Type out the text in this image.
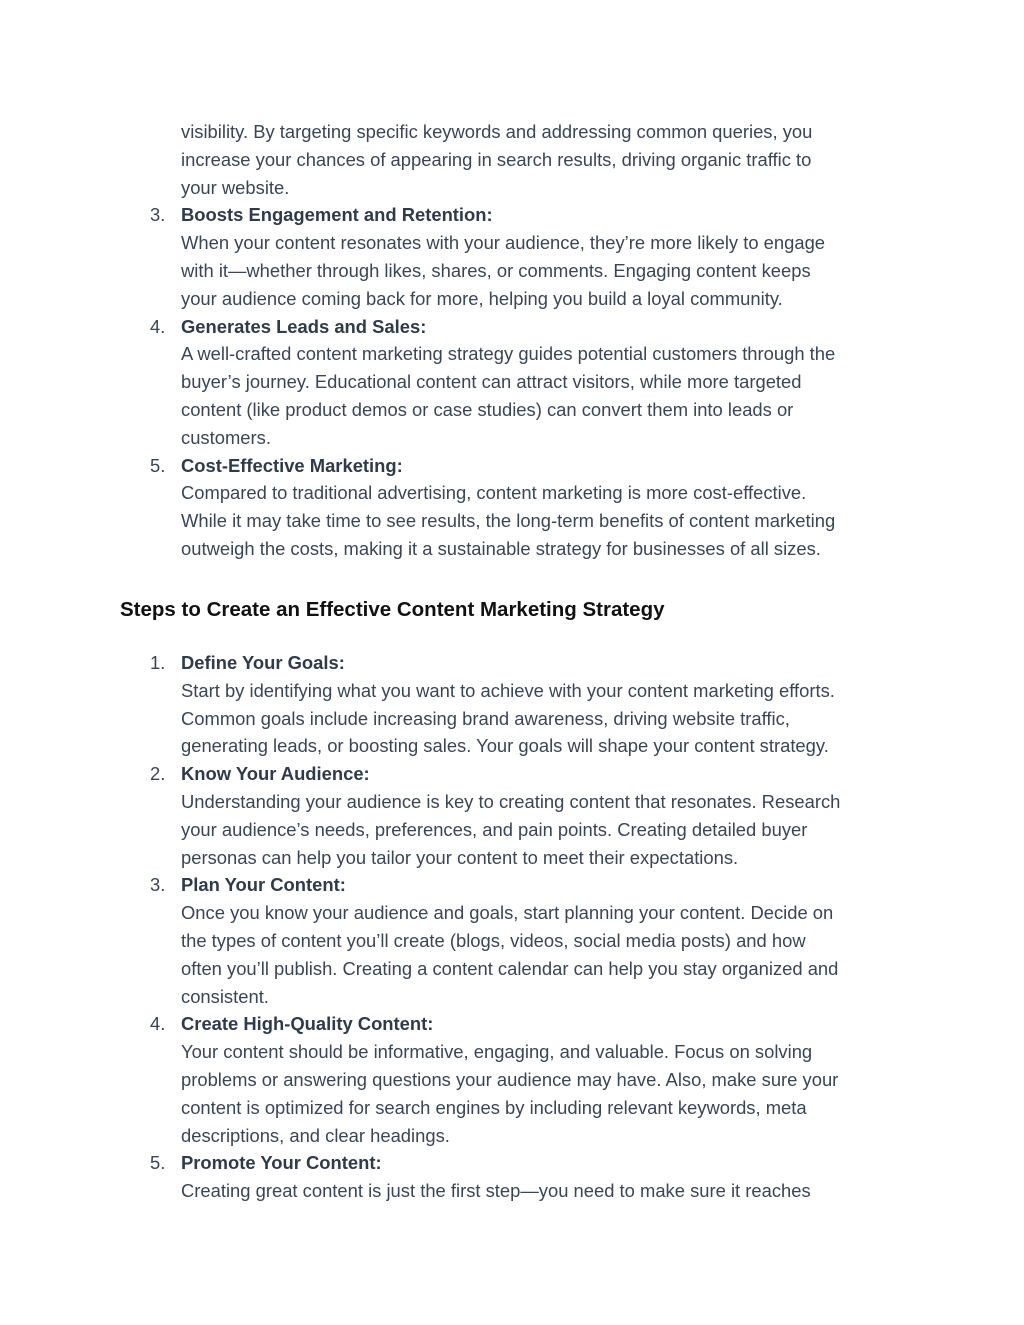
visibility. By targeting specific keywords and addressing common queries, you
increase your chances of appearing in search results, driving organic traffic to
your website.
3. Boosts Engagement and Retention:
When your content resonates with your audience, they’re more likely to engage
with it—whether through likes, shares, or comments. Engaging content keeps
your audience coming back for more, helping you build a loyal community.
4. Generates Leads and Sales:
A well-crafted content marketing strategy guides potential customers through the
buyer’s journey. Educational content can attract visitors, while more targeted
content (like product demos or case studies) can convert them into leads or
customers.
5. Cost-Effective Marketing:
Compared to traditional advertising, content marketing is more cost-effective.
While it may take time to see results, the long-term benefits of content marketing
outweigh the costs, making it a sustainable strategy for businesses of all sizes.
Steps to Create an Effective Content Marketing Strategy
1. Define Your Goals:
Start by identifying what you want to achieve with your content marketing efforts.
Common goals include increasing brand awareness, driving website traffic,
generating leads, or boosting sales. Your goals will shape your content strategy.
2. Know Your Audience:
Understanding your audience is key to creating content that resonates. Research
your audience’s needs, preferences, and pain points. Creating detailed buyer
personas can help you tailor your content to meet their expectations.
3. Plan Your Content:
Once you know your audience and goals, start planning your content. Decide on
the types of content you’ll create (blogs, videos, social media posts) and how
often you’ll publish. Creating a content calendar can help you stay organized and
consistent.
4. Create High-Quality Content:
Your content should be informative, engaging, and valuable. Focus on solving
problems or answering questions your audience may have. Also, make sure your
content is optimized for search engines by including relevant keywords, meta
descriptions, and clear headings.
5. Promote Your Content:
Creating great content is just the first step—you need to make sure it reaches
